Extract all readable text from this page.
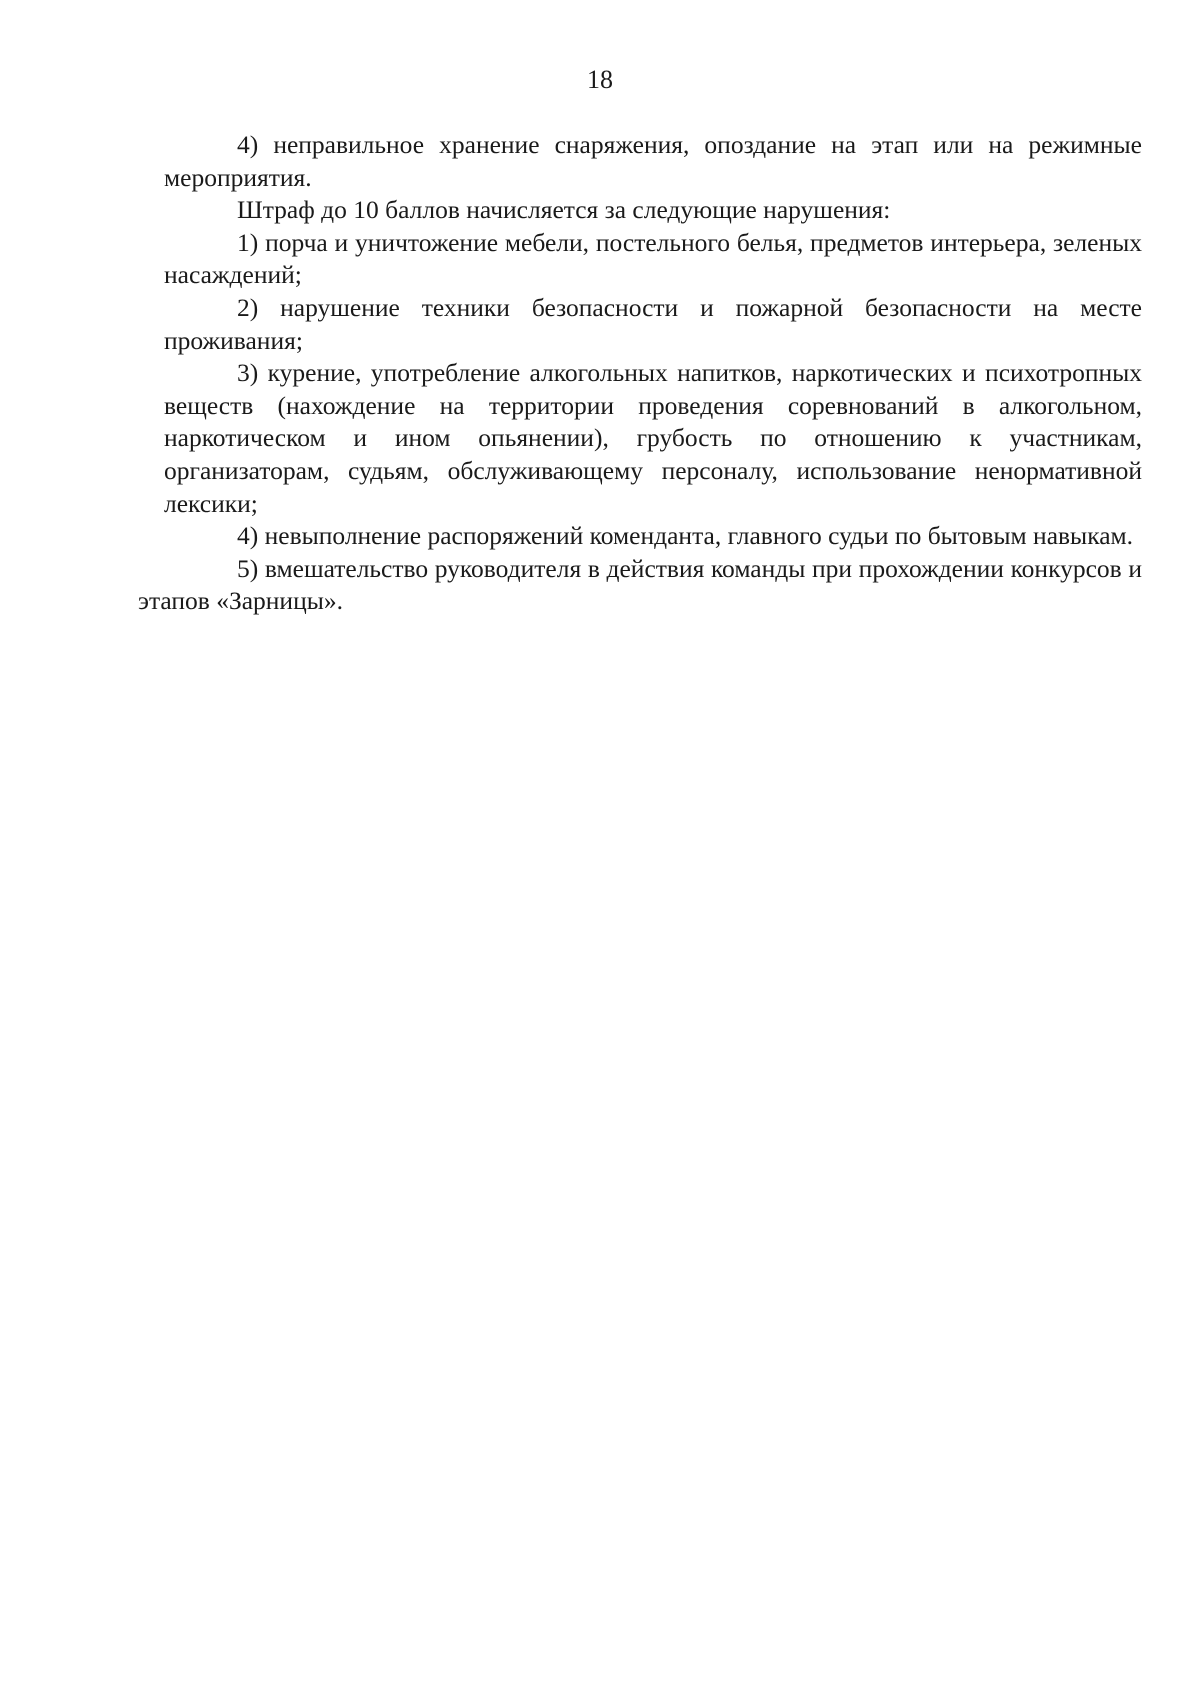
18

4) неправильное хранение снаряжения, опоздание на этап или на режимные мероприятия.

Штраф до 10 баллов начисляется за следующие нарушения:

1) порча и уничтожение мебели, постельного белья, предметов интерьера, зеленых насаждений;

2) нарушение техники безопасности и пожарной безопасности на месте проживания;

3) курение, употребление алкогольных напитков, наркотических и психотропных веществ (нахождение на территории проведения соревнований в алкогольном, наркотическом и ином опьянении), грубость по отношению к участникам, организаторам, судьям, обслуживающему персоналу, использование ненормативной лексики;

4) невыполнение распоряжений коменданта, главного судьи по бытовым навыкам.

5) вмешательство руководителя в действия команды при прохождении конкурсов и этапов «Зарницы».
